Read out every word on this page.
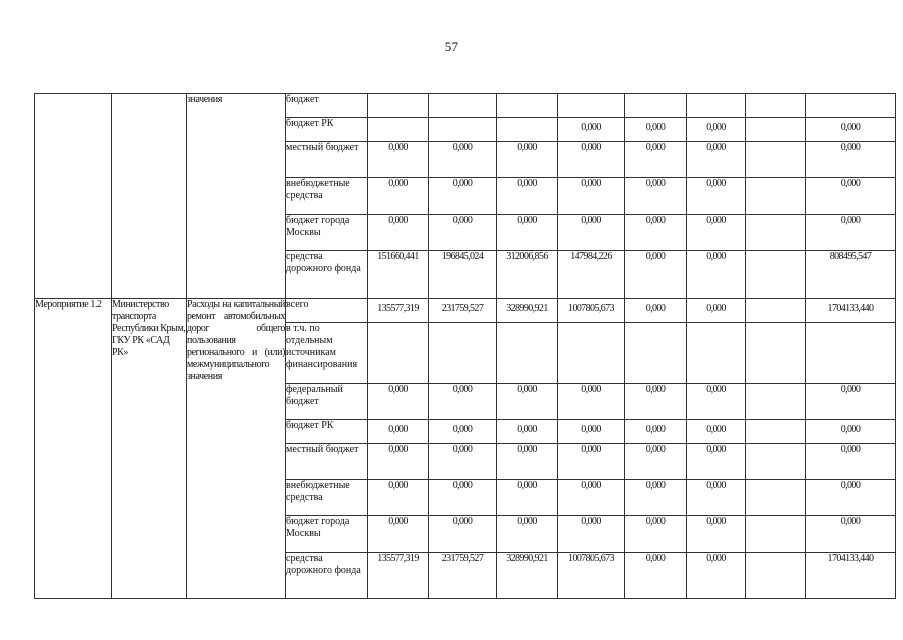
57
		значения	бюджет								
			бюджет РК				0,000	0,000	0,000		0,000
			местный бюджет	0,000	0,000	0,000	0,000	0,000	0,000		0,000
			внебюджетные средства	0,000	0,000	0,000	0,000	0,000	0,000		0,000
			бюджет города Москвы	0,000	0,000	0,000	0,000	0,000	0,000		0,000
			средства дорожного фонда	151660,441	196845,024	312006,856	147984,226	0,000	0,000		808495,547
Мероприятие 1.2	Министерство транспорта Республики Крым, ГКУ РК «САД РК»	Расходы на капитальный ремонт автомобильных дорог общего пользования регионального и (или) межмуниципального значения	всего	135577,319	231759,527	328990,921	1007805,673	0,000	0,000		1704133,440
			в т.ч. по отдельным источникам финансирования								
			федеральный бюджет	0,000	0,000	0,000	0,000	0,000	0,000		0,000
			бюджет РК	0,000	0,000	0,000	0,000	0,000	0,000		0,000
			местный бюджет	0,000	0,000	0,000	0,000	0,000	0,000		0,000
			внебюджетные средства	0,000	0,000	0,000	0,000	0,000	0,000		0,000
			бюджет города Москвы	0,000	0,000	0,000	0,000	0,000	0,000		0,000
			средства дорожного фонда	135577,319	231759,527	328990,921	1007805,673	0,000	0,000		1704133,440
